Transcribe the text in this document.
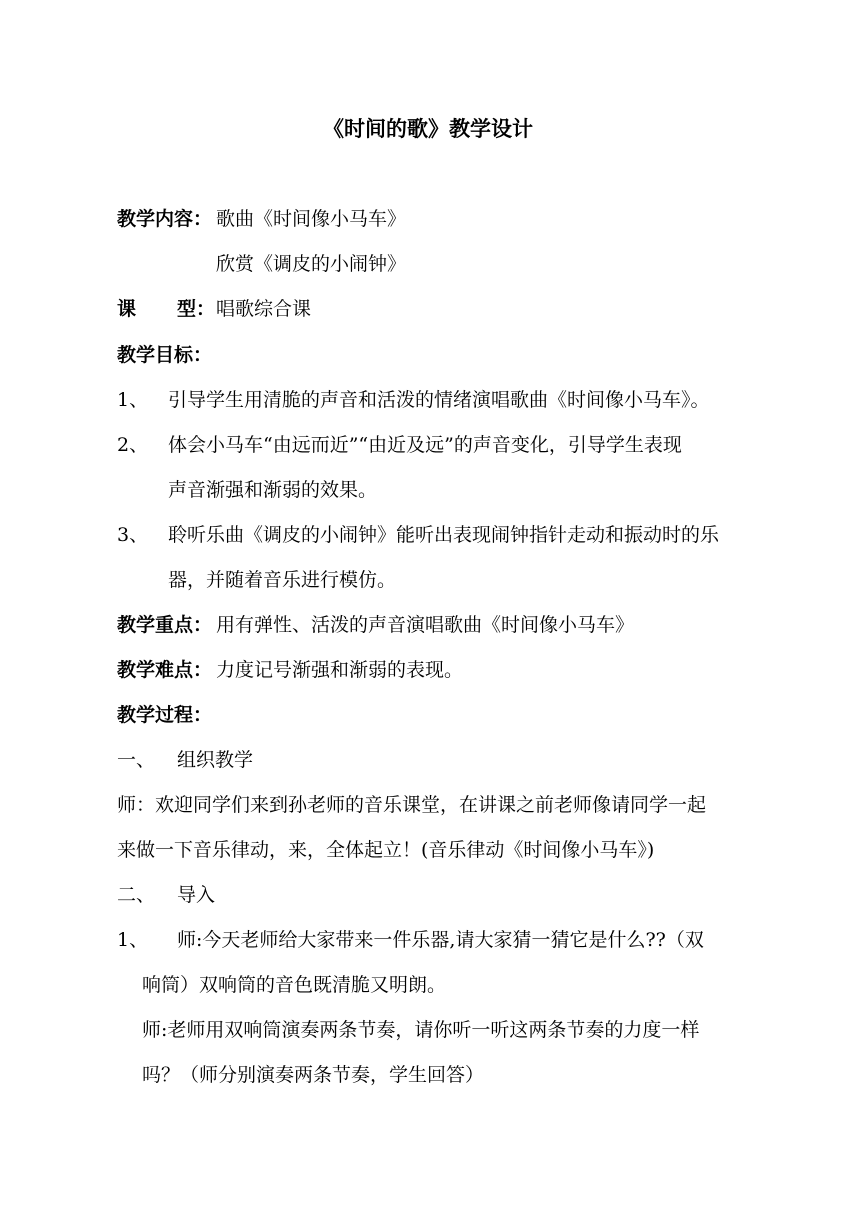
《时间的歌》教学设计
教学内容： 歌曲《时间像小马车》
欣赏《调皮的小闹钟》
课 型： 唱歌综合课
教学目标：
1、 引导学生用清脆的声音和活泼的情绪演唱歌曲《时间像小马车》。
2、 体会小马车“由远而近”“由近及远”的声音变化，引导学生表现
声音渐强和渐弱的效果。
3、 聆听乐曲《调皮的小闹钟》能听出表现闹钟指针走动和振动时的乐
器，并随着音乐进行模仿。
教学重点： 用有弹性、活泼的声音演唱歌曲《时间像小马车》
教学难点： 力度记号渐强和渐弱的表现。
教学过程：
一、 组织教学
师：欢迎同学们来到孙老师的音乐课堂，在讲课之前老师像请同学一起
来做一下音乐律动，来，全体起立！(音乐律动《时间像小马车》)
二、 导入
1、 师:今天老师给大家带来一件乐器,请大家猜一猜它是什么??（双
响筒）双响筒的音色既清脆又明朗。
师:老师用双响筒演奏两条节奏，请你听一听这两条节奏的力度一样
吗？（师分别演奏两条节奏，学生回答）
